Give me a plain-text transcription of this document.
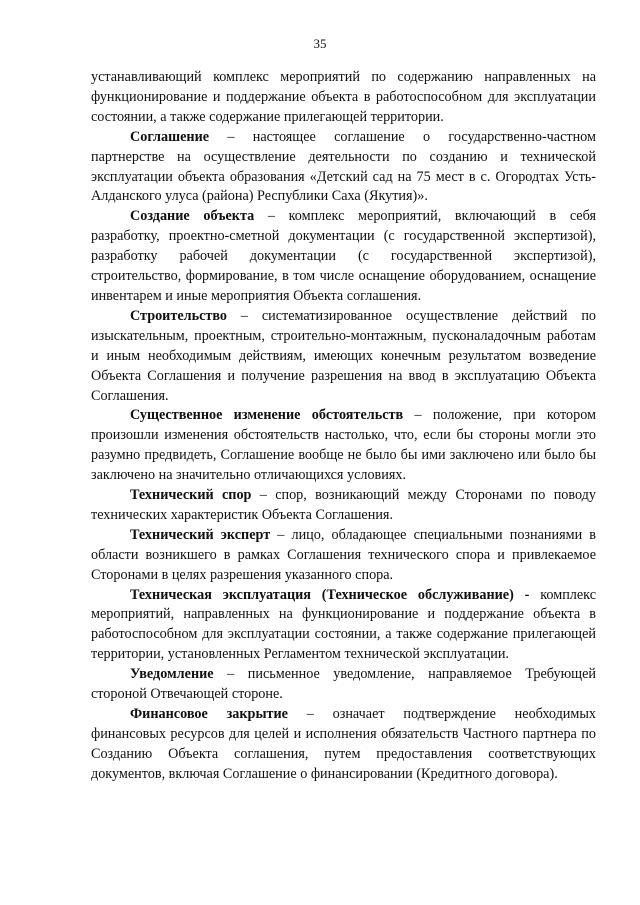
35

устанавливающий комплекс мероприятий по содержанию направленных на функционирование и поддержание объекта в работоспособном для эксплуатации состоянии, а также содержание прилегающей территории.

Соглашение – настоящее соглашение о государственно-частном партнерстве на осуществление деятельности по созданию и технической эксплуатации объекта образования «Детский сад на 75 мест в с. Огородтах Усть-Алданского улуса (района) Республики Саха (Якутия)».

Создание объекта – комплекс мероприятий, включающий в себя разработку, проектно-сметной документации (с государственной экспертизой), разработку рабочей документации (с государственной экспертизой), строительство, формирование, в том числе оснащение оборудованием, оснащение инвентарем и иные мероприятия Объекта соглашения.

Строительство – систематизированное осуществление действий по изыскательным, проектным, строительно-монтажным, пусконаладочным работам и иным необходимым действиям, имеющих конечным результатом возведение Объекта Соглашения и получение разрешения на ввод в эксплуатацию Объекта Соглашения.

Существенное изменение обстоятельств – положение, при котором произошли изменения обстоятельств настолько, что, если бы стороны могли это разумно предвидеть, Соглашение вообще не было бы ими заключено или было бы заключено на значительно отличающихся условиях.

Технический спор – спор, возникающий между Сторонами по поводу технических характеристик Объекта Соглашения.

Технический эксперт – лицо, обладающее специальными познаниями в области возникшего в рамках Соглашения технического спора и привлекаемое Сторонами в целях разрешения указанного спора.

Техническая эксплуатация (Техническое обслуживание) - комплекс мероприятий, направленных на функционирование и поддержание объекта в работоспособном для эксплуатации состоянии, а также содержание прилегающей территории, установленных Регламентом технической эксплуатации.

Уведомление – письменное уведомление, направляемое Требующей стороной Отвечающей стороне.

Финансовое закрытие – означает подтверждение необходимых финансовых ресурсов для целей и исполнения обязательств Частного партнера по Созданию Объекта соглашения, путем предоставления соответствующих документов, включая Соглашение о финансировании (Кредитного договора).
